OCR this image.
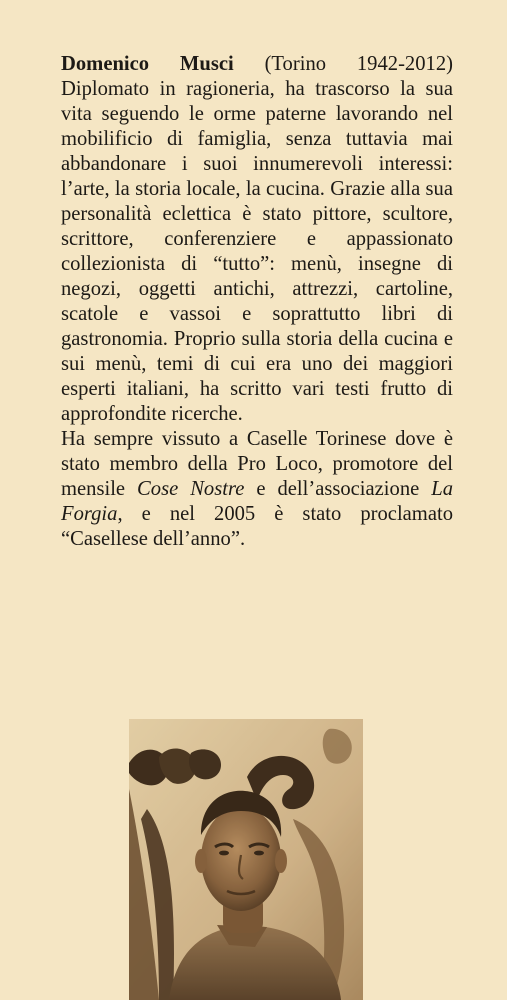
Domenico Musci (Torino 1942-2012) Diplomato in ragioneria, ha trascorso la sua vita seguendo le orme paterne lavorando nel mobilificio di famiglia, senza tuttavia mai abbandonare i suoi innumerevoli interessi: l’arte, la storia locale, la cucina. Grazie alla sua personalità eclettica è stato pittore, scultore, scrittore, conferenziere e appassionato collezionista di “tutto”: menù, insegne di negozi, oggetti antichi, attrezzi, cartoline, scatole e vassoi e soprattutto libri di gastronomia. Proprio sulla storia della cucina e sui menù, temi di cui era uno dei maggiori esperti italiani, ha scritto vari testi frutto di approfondite ricerche.

Ha sempre vissuto a Caselle Torinese dove è stato membro della Pro Loco, promotore del mensile Cose Nostre e dell’associazione La Forgia, e nel 2005 è stato proclamato “Casellese dell’anno”.
